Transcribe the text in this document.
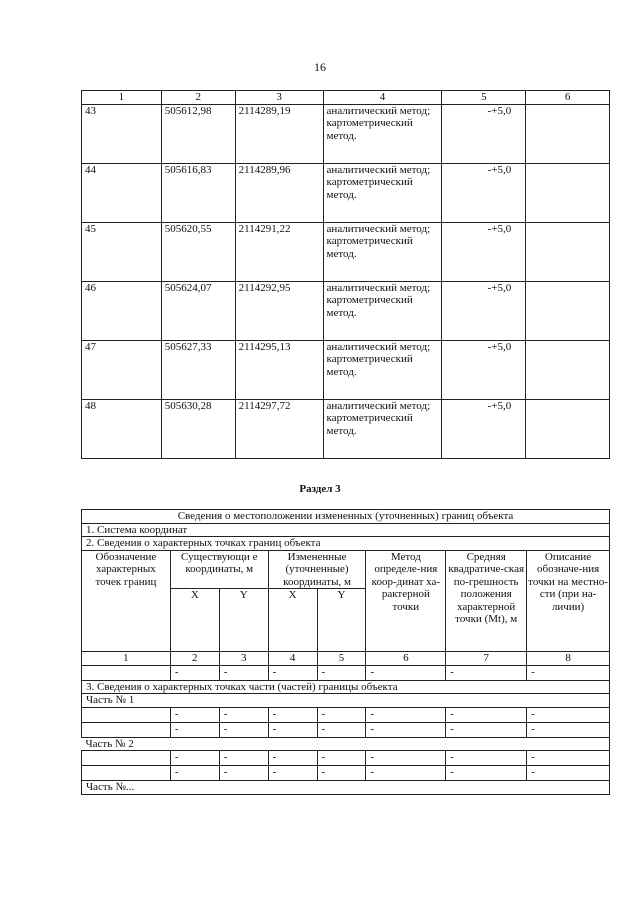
16
1	2	3	4	5	6
43	505612,98	2114289,19	аналитический метод; картометрический метод.	-+5,0	
44	505616,83	2114289,96	аналитический метод; картометрический метод.	-+5,0	
45	505620,55	2114291,22	аналитический метод; картометрический метод.	-+5,0	
46	505624,07	2114292,95	аналитический метод; картометрический метод.	-+5,0	
47	505627,33	2114295,13	аналитический метод; картометрический метод.	-+5,0	
48	505630,28	2114297,72	аналитический метод; картометрический метод.	-+5,0	
Раздел 3
Сведения о местоположении измененных (уточненных) границ объекта							
1. Система координат							
2. Сведения о характерных точках границ объекта							
Обозначение характерных точек границ	Существующи е координаты, м		Измененные (уточненные) координаты, м		Метод определе-ния коор-динат ха-рактерной точки	Средняя квадратиче-ская по-грешность положения характерной точки (Mt), м	Описание обозначе-ния точки на местно-сти (при на-личии)
	X	Y	X	Y			
1	2	3	4	5	6	7	8
	-	-	-	-	-	-	-
3. Сведения о характерных точках части (частей) границы объекта							
Часть № 1							
	-	-	-	-	-	-	-
	-	-	-	-	-	-	-
Часть № 2							
	-	-	-	-	-	-	-
	-	-	-	-	-	-	-
Часть №...							
